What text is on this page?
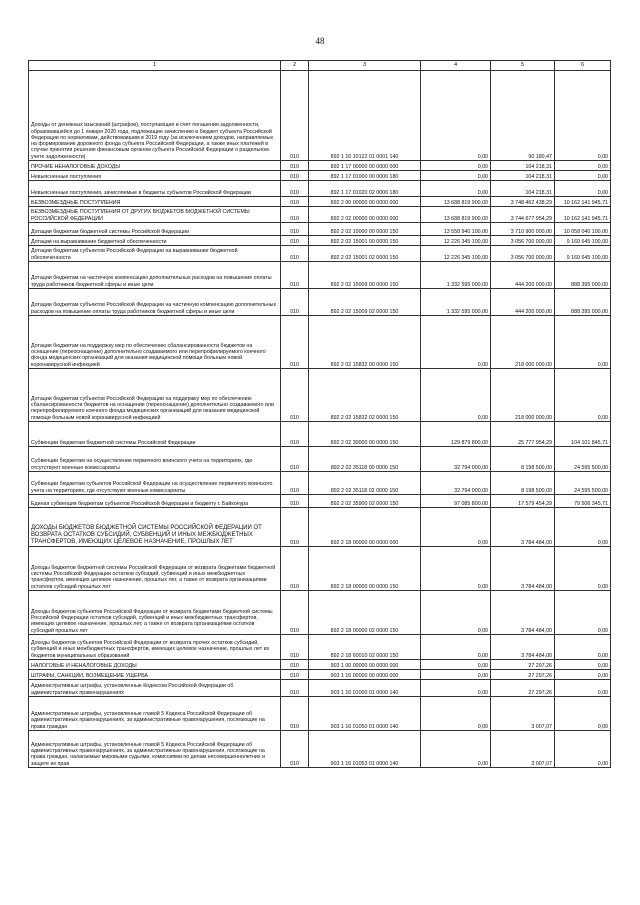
48
1	2	3	4	5	6
Доходы от денежных взысканий (штрафов), поступающие в счет погашения задолженности, образовавшейся до 1 января 2020 года, подлежащие зачислению в бюджет субъекта Российской Федерации по нормативам, действовавшим в 2019 году (за исключением доходов, направляемых на формирование дорожного фонда субъекта Российской Федерации, а также иных платежей в случае принятия решения финансовым органом субъекта Российской Федерации о раздельном учете задолженности)	010	892 1 16 10122 01 0001 140	0,00	90 180,47	0,00
ПРОЧИЕ НЕНАЛОГОВЫЕ ДОХОДЫ	010	892 1 17 00000 00 0000 000	0,00	104 218,31	0,00
Невыясненные поступления	010	892 1 17 01000 00 0000 180	0,00	104 218,31	0,00
Невыясненные поступления, зачисляемые в бюджеты субъектов Российской Федерации	010	892 1 17 01020 02 0000 180	0,00	104 218,31	0,00
БЕЗВОЗМЕЗДНЫЕ ПОСТУПЛЕНИЯ	010	892 2 00 00000 00 0000 000	13 688 819 900,00	3 748 462 438,29	10 162 141 945,71
БЕЗВОЗМЕЗДНЫЕ ПОСТУПЛЕНИЯ ОТ ДРУГИХ БЮДЖЕТОВ БЮДЖЕТНОЙ СИСТЕМЫ РОССИЙСКОЙ ФЕДЕРАЦИИ	010	892 2 02 00000 00 0000 000	13 688 819 900,00	3 744 677 954,29	10 162 141 945,71
Дотации бюджетам бюджетной системы Российской Федерации	010	892 2 02 10000 00 0000 150	13 558 940 100,00	3 710 900 000,00	10 058 040 100,00
Дотации на выравнивание бюджетной обеспеченности	010	892 2 02 15001 00 0000 150	12 226 345 100,00	3 056 700 000,00	9 169 645 100,00
Дотации бюджетам субъектов Российской Федерации на выравнивание бюджетной обеспеченности	010	892 2 02 15001 02 0000 150	12 226 345 100,00	3 056 700 000,00	9 169 645 100,00
Дотации бюджетам на частичную компенсацию дополнительных расходов на повышение оплаты труда работников бюджетной сферы и иные цели	010	892 2 02 15009 00 0000 150	1 332 595 000,00	444 200 000,00	888 395 000,00
Дотации бюджетам субъектов Российской Федерации на частичную компенсацию дополнительных расходов на повышение оплаты труда работников бюджетной сферы и иные цели	010	892 2 02 15009 02 0000 150	1 332 595 000,00	444 200 000,00	888 395 000,00
Дотации бюджетам на поддержку мер по обеспечению сбалансированности бюджетов на оснащение (переоснащение) дополнительно создаваемого или перепрофилируемого коечного фонда медицинских организаций для оказания медицинской помощи больным новой коронавирусной инфекцией	010	892 2 02 15832 00 0000 150	0,00	218 000 000,00	0,00
Дотации бюджетам субъектов Российской Федерации на поддержку мер по обеспечению сбалансированности бюджетов на оснащение (переоснащение) дополнительно создаваемого или перепрофилируемого коечного фонда медицинских организаций для оказания медицинской помощи больным новой коронавирусной инфекцией	010	892 2 02 15832 02 0000 150	0,00	218 000 000,00	0,00
Субвенции бюджетам бюджетной системы Российской Федерации	010	892 2 02 30000 00 0000 150	129 879 800,00	25 777 954,29	104 101 845,71
Субвенции бюджетам на осуществление первичного воинского учета на территориях, где отсутствуют военные комиссариаты	010	892 2 02 35118 00 0000 150	32 794 000,00	8 198 500,00	24 595 500,00
Субвенции бюджетам субъектов Российской Федерации на осуществление первичного воинского учета на территориях, где отсутствуют военные комиссариаты	010	892 2 02 35118 02 0000 150	32 794 000,00	8 198 500,00	24 595 500,00
Единая субвенция бюджетам субъектов Российской Федерации и бюджету г. Байконура	010	892 2 02 35900 02 0000 150	97 085 800,00	17 579 454,29	79 506 345,71
ДОХОДЫ БЮДЖЕТОВ БЮДЖЕТНОЙ СИСТЕМЫ РОССИЙСКОЙ ФЕДЕРАЦИИ ОТ ВОЗВРАТА ОСТАТКОВ СУБСИДИЙ, СУБВЕНЦИЙ И ИНЫХ МЕЖБЮДЖЕТНЫХ ТРАНСФЕРТОВ, ИМЕЮЩИХ ЦЕЛЕВОЕ НАЗНАЧЕНИЕ, ПРОШЛЫХ ЛЕТ	010	892 2 18 00000 00 0000 000	0,00	3 784 484,00	0,00
Доходы бюджетов бюджетной системы Российской Федерации от возврата бюджетами бюджетной системы Российской Федерации остатков субсидий, субвенций и иных межбюджетных трансфертов, имеющих целевое назначение, прошлых лет, а также от возврата организациями остатков субсидий прошлых лет	010	892 2 18 00000 00 0000 150	0,00	3 784 484,00	0,00
Доходы бюджетов субъектов Российской Федерации от возврата бюджетами бюджетной системы Российской Федерации остатков субсидий, субвенций и иных межбюджетных трансфертов, имеющих целевое назначение, прошлых лет, а также от возврата организациями остатков субсидий прошлых лет	010	892 2 18 00000 02 0000 150	0,00	3 784 484,00	0,00
Доходы бюджетов субъектов Российской Федерации от возврата прочих остатков субсидий, субвенций и иных межбюджетных трансфертов, имеющих целевое назначение, прошлых лет из бюджетов муниципальных образований	010	892 2 18 60010 02 0000 150	0,00	3 784 484,00	0,00
НАЛОГОВЫЕ И НЕНАЛОГОВЫЕ ДОХОДЫ	010	903 1 00 00000 00 0000 000	0,00	27 297,26	0,00
ШТРАФЫ, САНКЦИИ, ВОЗМЕЩЕНИЕ УЩЕРБА	010	903 1 16 00000 00 0000 000	0,00	27 297,26	0,00
Административные штрафы, установленные Кодексом Российской Федерации об административных правонарушениях	010	903 1 16 01000 01 0000 140	0,00	27 297,26	0,00
Административные штрафы, установленные главой 5 Кодекса Российской Федерации об административных правонарушениях, за административные правонарушения, посягающие на права граждан	010	903 1 16 01050 01 0000 140	0,00	3 007,07	0,00
Административные штрафы, установленные главой 5 Кодекса Российской Федерации об административных правонарушениях, за административные правонарушения, посягающие на права граждан, налагаемые мировыми судьями, комиссиями по делам несовершеннолетних и защите их прав	010	903 1 16 01053 01 0000 140	0,00	3 007,07	0,00
